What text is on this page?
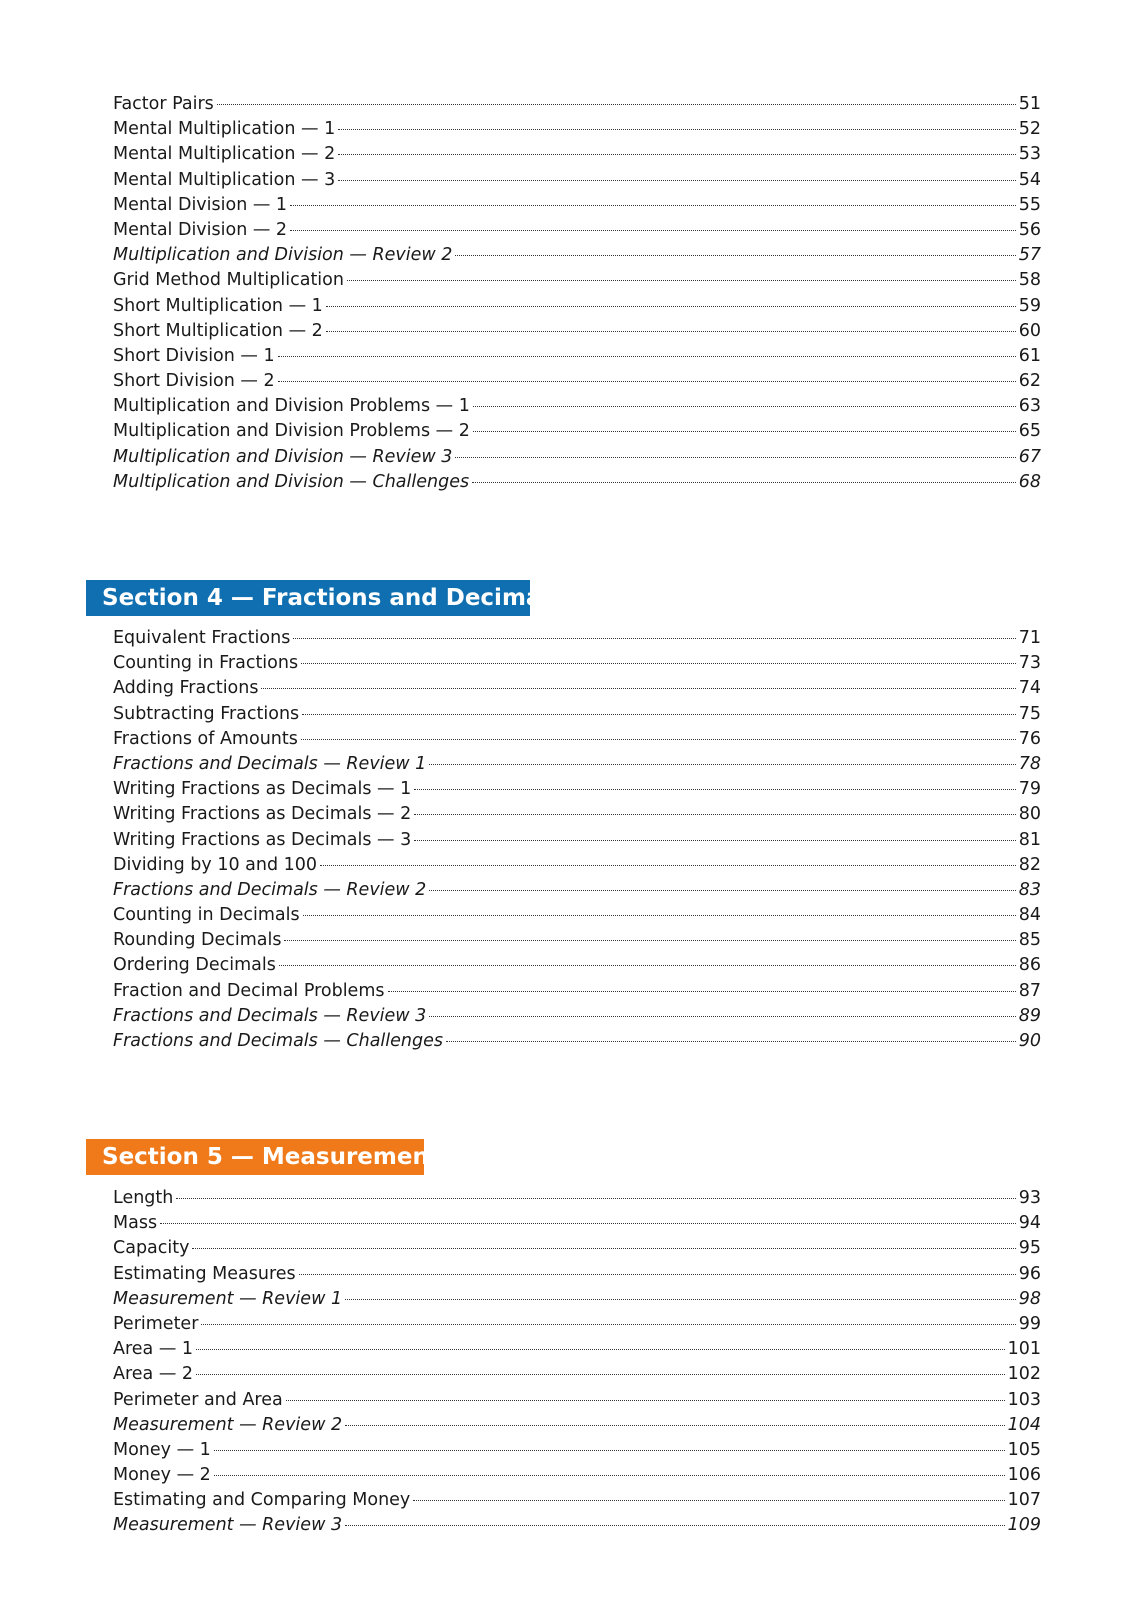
Factor Pairs	51
Mental Multiplication — 1	52
Mental Multiplication — 2	53
Mental Multiplication — 3	54
Mental Division — 1	55
Mental Division — 2	56
Multiplication and Division — Review 2	57
Grid Method Multiplication	58
Short Multiplication — 1	59
Short Multiplication — 2	60
Short Division — 1	61
Short Division — 2	62
Multiplication and Division Problems — 1	63
Multiplication and Division Problems — 2	65
Multiplication and Division — Review 3	67
Multiplication and Division — Challenges	68
Section 4 — Fractions and Decimals
Equivalent Fractions	71
Counting in Fractions	73
Adding Fractions	74
Subtracting Fractions	75
Fractions of Amounts	76
Fractions and Decimals — Review 1	78
Writing Fractions as Decimals — 1	79
Writing Fractions as Decimals — 2	80
Writing Fractions as Decimals — 3	81
Dividing by 10 and 100	82
Fractions and Decimals — Review 2	83
Counting in Decimals	84
Rounding Decimals	85
Ordering Decimals	86
Fraction and Decimal Problems	87
Fractions and Decimals — Review 3	89
Fractions and Decimals — Challenges	90
Section 5 — Measurement
Length	93
Mass	94
Capacity	95
Estimating Measures	96
Measurement — Review 1	98
Perimeter	99
Area — 1	101
Area — 2	102
Perimeter and Area	103
Measurement — Review 2	104
Money — 1	105
Money — 2	106
Estimating and Comparing Money	107
Measurement — Review 3	109
